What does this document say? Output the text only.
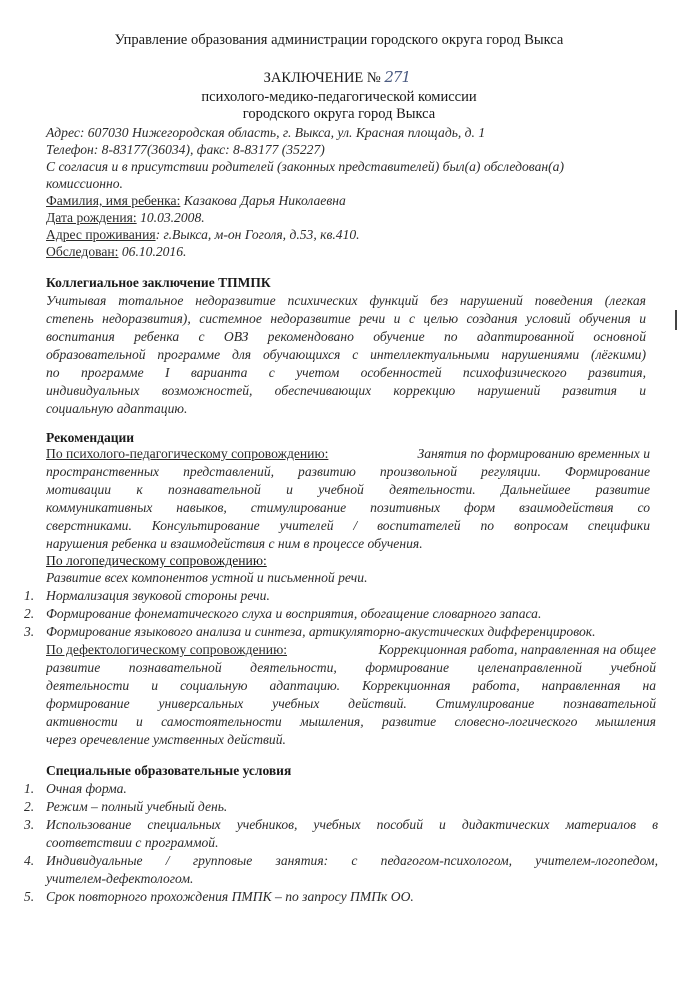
Управление образования администрации городского округа город Выкса
ЗАКЛЮЧЕНИЕ № 271
психолого-медико-педагогической комиссии
городского округа город Выкса
Адрес: 607030 Нижегородская область, г. Выкса, ул. Красная площадь, д. 1
Телефон: 8-83177(36034), факс: 8-83177 (35227)
С согласия и в присутствии родителей (законных представителей) был(а) обследован(а)
комиссионно.
Фамилия, имя ребенка: Казакова Дарья Николаевна
Дата рождения: 10.03.2008.
Адрес проживания: г.Выкса, м-он Гоголя, д.53, кв.410.
Обследован: 06.10.2016.
Коллегиальное заключение ТПМПК
Учитывая тотальное недоразвитие психических функций без нарушений поведения (легкая
степень недоразвития), системное недоразвитие речи и с целью создания условий обучения и
воспитания ребенка с ОВЗ рекомендовано обучение по адаптированной основной
образовательной программе для обучающихся с интеллектуальными нарушениями (лёгкими)
по программе I варианта с учетом особенностей психофизического развития,
индивидуальных возможностей, обеспечивающих коррекцию нарушений развития и
социальную адаптацию.
Рекомендации
По психолого-педагогическому сопровождению:	Занятия по формированию временных и
пространственных представлений, развитию произвольной регуляции. Формирование
мотивации к познавательной и учебной деятельности. Дальнейшее развитие
коммуникативных навыков, стимулирование позитивных форм взаимодействия со
сверстниками. Консультирование учителей / воспитателей по вопросам специфики
нарушения ребенка и взаимодействия с ним в процессе обучения.
По логопедическому сопровождению:
Развитие всех компонентов устной и письменной речи.
1. Нормализация звуковой стороны речи.
2. Формирование фонематического слуха и восприятия, обогащение словарного запаса.
3. Формирование языкового анализа и синтеза, артикуляторно-акустических дифференцировок.
По дефектологическому сопровождению:	Коррекционная работа, направленная на общее
развитие познавательной деятельности, формирование целенаправленной учебной
деятельности и социальную адаптацию. Коррекционная работа, направленная на
формирование универсальных учебных действий. Стимулирование познавательной
активности и самостоятельности мышления, развитие словесно-логического мышления
через оречевление умственных действий.
Специальные образовательные условия
1. Очная форма.
2. Режим – полный учебный день.
3. Использование специальных учебников, учебных пособий и дидактических материалов в
соответствии с программой.
4. Индивидуальные / групповые занятия: с педагогом-психологом, учителем-логопедом,
учителем-дефектологом.
5. Срок повторного прохождения ПМПК – по запросу ПМПк ОО.
